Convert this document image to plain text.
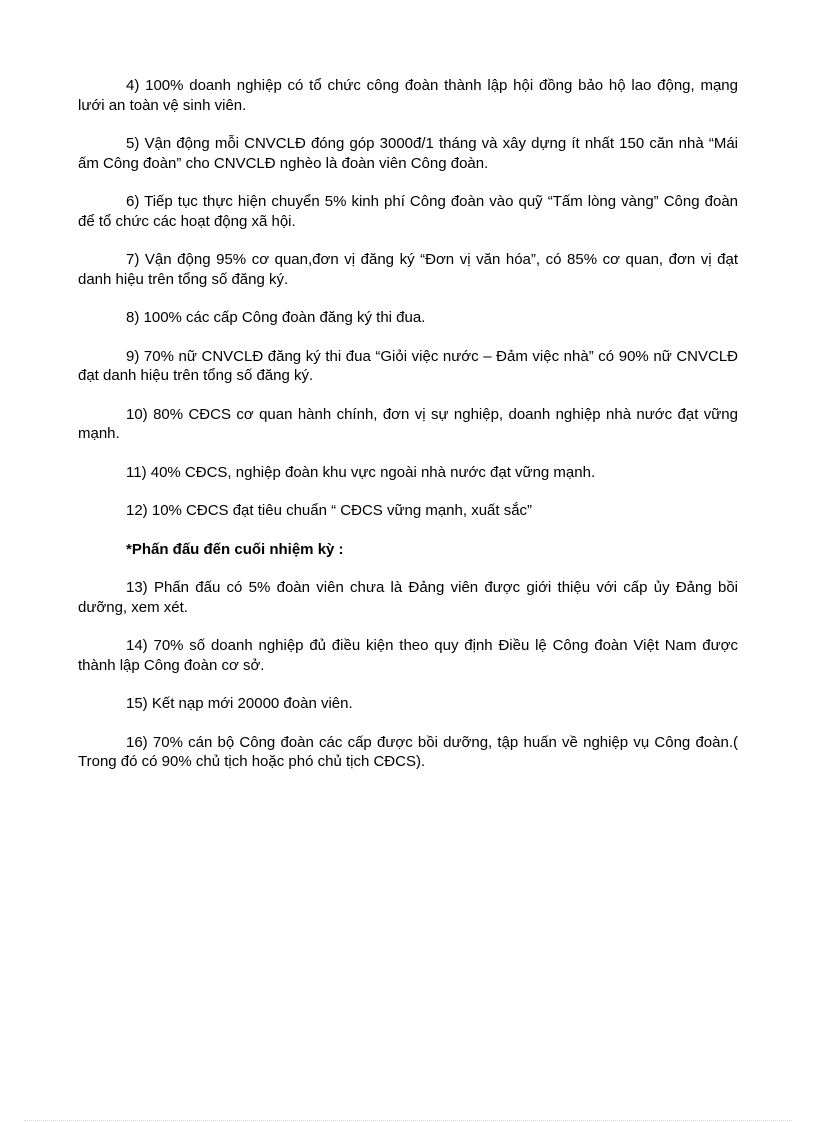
4) 100% doanh nghiệp có tổ chức công đoàn thành lập hội đồng bảo hộ lao động, mạng lưới an toàn vệ sinh viên.

5) Vận động mỗi CNVCLĐ đóng góp 3000đ/1 tháng và xây dựng ít nhất 150 căn nhà “Mái ấm Công đoàn” cho CNVCLĐ nghèo là đoàn viên Công đoàn.

6) Tiếp tục thực hiện chuyển 5% kinh phí Công đoàn vào quỹ “Tấm lòng vàng” Công đoàn để tổ chức các hoạt động xã hội.

7) Vận động 95% cơ quan,đơn vị đăng ký “Đơn vị văn hóa”, có 85% cơ quan, đơn vị đạt danh hiệu trên tổng số đăng ký.

8) 100% các cấp Công đoàn đăng ký thi đua.

9) 70% nữ CNVCLĐ đăng ký thi đua “Giỏi việc nước – Đảm việc nhà” có 90% nữ CNVCLĐ đạt danh hiệu trên tổng số đăng ký.

10) 80% CĐCS cơ quan hành chính, đơn vị sự nghiệp, doanh nghiệp nhà nước đạt vững mạnh.

11) 40% CĐCS, nghiệp đoàn khu vực ngoài nhà nước đạt vững mạnh.

12) 10% CĐCS đạt tiêu chuẩn “ CĐCS vững mạnh, xuất sắc”

*Phấn đấu đến cuối nhiệm kỳ :

13) Phấn đấu có 5% đoàn viên chưa là Đảng viên được giới thiệu với cấp ủy Đảng bồi dưỡng, xem xét.

14) 70% số doanh nghiệp đủ điều kiện theo quy định Điều lệ Công đoàn Việt Nam được thành lập Công đoàn cơ sở.

15) Kết nạp mới 20000 đoàn viên.

16) 70% cán bộ Công đoàn các cấp được bồi dưỡng, tập huấn về nghiệp vụ Công đoàn.( Trong đó có 90% chủ tịch hoặc phó chủ tịch CĐCS).
